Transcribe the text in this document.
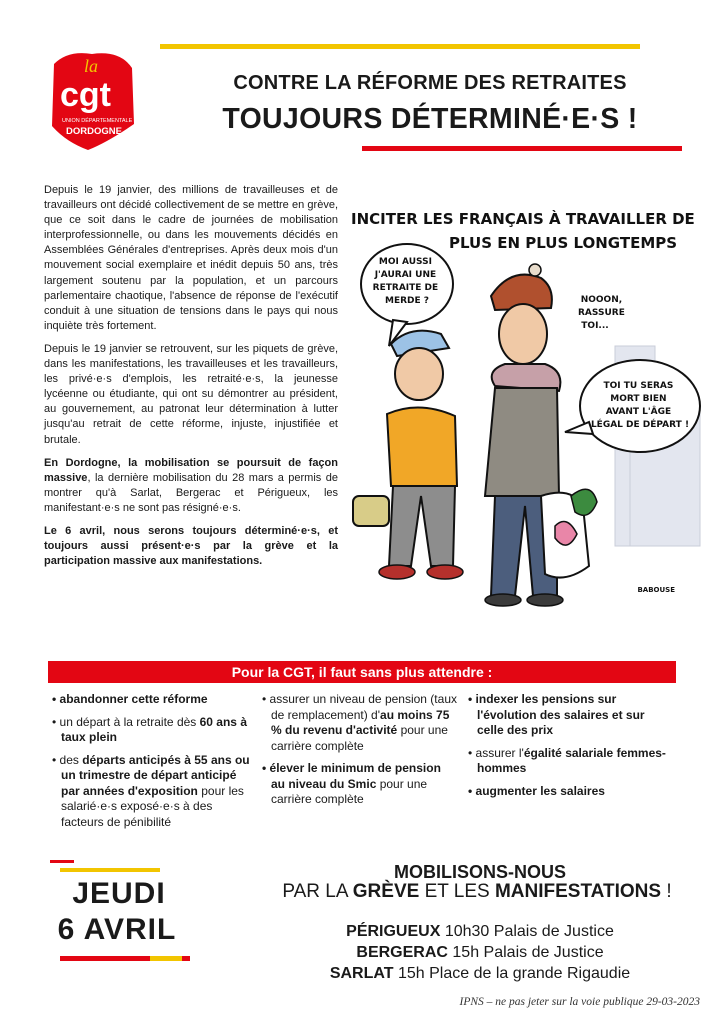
la
cgt
UNION DÉPARTEMENTALE
DORDOGNE
CONTRE LA RÉFORME DES RETRAITES
TOUJOURS DÉTERMINÉ·E·S !

Depuis le 19 janvier, des millions de travailleuses et de travailleurs ont décidé collectivement de se mettre en grève, que ce soit dans le cadre de journées de mobilisation interprofessionnelle, ou dans les mouvements décidés en Assemblées Générales d'entreprises. Après deux mois d'un mouvement social exemplaire et inédit depuis 50 ans, très largement soutenu par la population, et un parcours parlementaire chaotique, l'absence de réponse de l'exécutif conduit à une situation de tensions dans le pays qui nous inquiète très fortement.

Depuis le 19 janvier se retrouvent, sur les piquets de grève, dans les manifestations, les travailleuses et les travailleurs, les privé·e·s d'emplois, les retraité·e·s, la jeunesse lycéenne ou étudiante, qui ont su démontrer au président, au gouvernement, au patronat leur détermination à lutter jusqu'au retrait de cette réforme, injuste, injustifiée et brutale.

En Dordogne, la mobilisation se poursuit de façon massive, la dernière mobilisation du 28 mars a permis de montrer qu'à Sarlat, Bergerac et Périgueux, les manifestant·e·s ne sont pas résigné·e·s.

Le 6 avril, nous serons toujours déterminé·e·s, et toujours aussi présent·e·s par la grève et la participation massive aux manifestations.

INCITER LES FRANÇAIS À TRAVAILLER DE
PLUS EN PLUS LONGTEMPS
MOI AUSSI J'AURAI UNE RETRAITE DE MERDE ?	NOOON, RASSURE TOI...
TOI TU SERAS MORT BIEN AVANT L'ÂGE LÉGAL DE DÉPART !
BABOUSE
Pour la CGT, il faut sans plus attendre :
• abandonner cette réforme
• un départ à la retraite dès 60 ans à taux plein
• des départs anticipés à 55 ans ou un trimestre de départ anticipé par années d'exposition pour les salarié·e·s exposé·e·s à des facteurs de pénibilité
• assurer un niveau de pension (taux de remplacement) d'au moins 75 % du revenu d'activité pour une carrière complète
• élever le minimum de pension au niveau du Smic pour une carrière complète
• indexer les pensions sur l'évolution des salaires et sur celle des prix
• assurer l'égalité salariale femmes-hommes
• augmenter les salaires
JEUDI
6 AVRIL
MOBILISONS-NOUS
PAR LA GRÈVE ET LES MANIFESTATIONS !
PÉRIGUEUX 10h30 Palais de Justice
BERGERAC 15h Palais de Justice
SARLAT 15h Place de la grande Rigaudie
IPNS – ne pas jeter sur la voie publique 29-03-2023
